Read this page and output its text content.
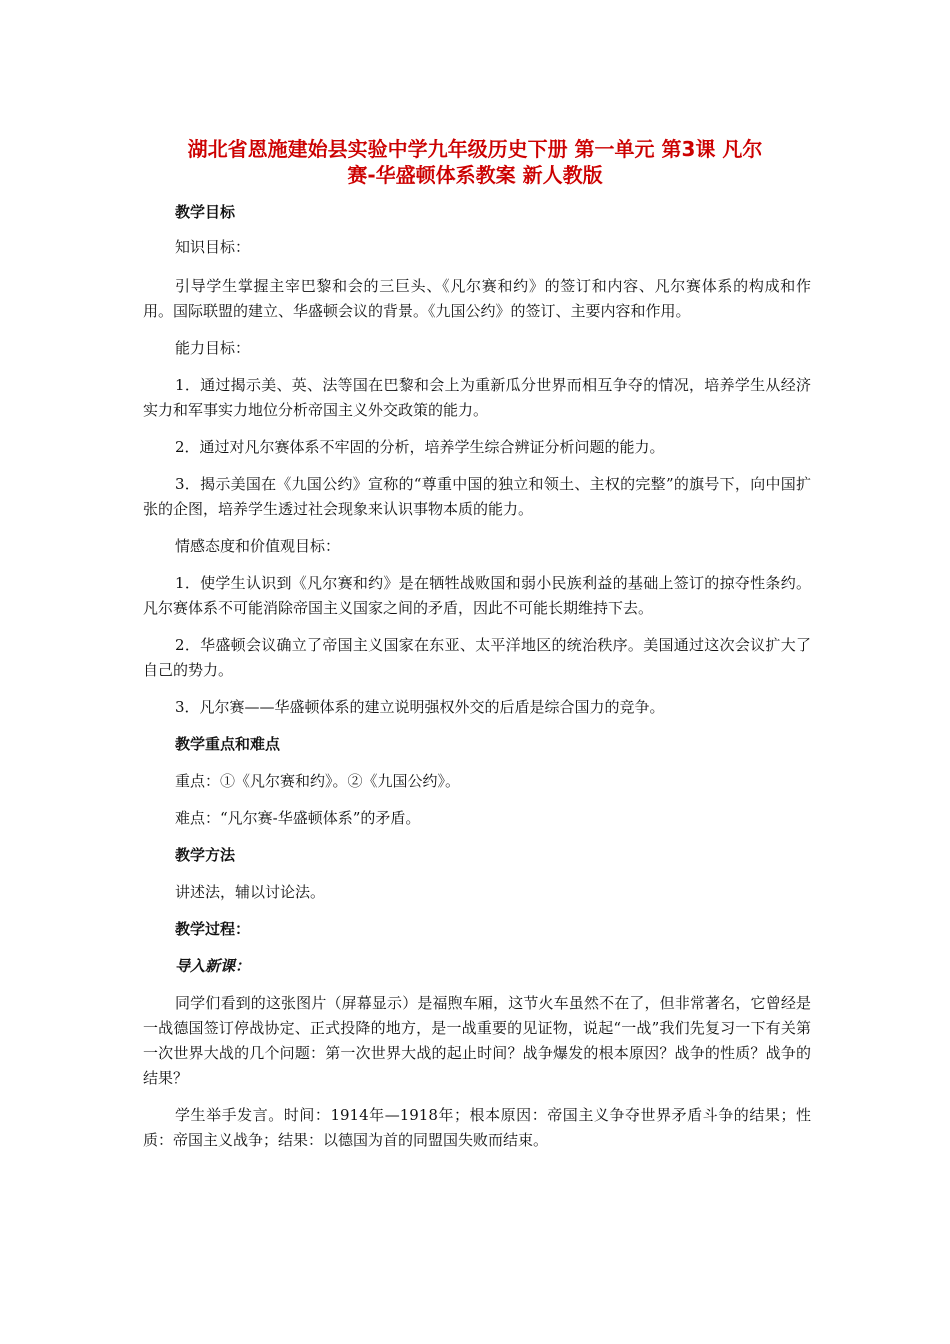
湖北省恩施建始县实验中学九年级历史下册 第一单元 第3课 凡尔
赛-华盛顿体系教案 新人教版

教学目标

知识目标：

引导学生掌握主宰巴黎和会的三巨头、《凡尔赛和约》的签订和内容、凡尔赛体系的构成和作用。国际联盟的建立、华盛顿会议的背景。《九国公约》的签订、主要内容和作用。

能力目标：

1．通过揭示美、英、法等国在巴黎和会上为重新瓜分世界而相互争夺的情况，培养学生从经济实力和军事实力地位分析帝国主义外交政策的能力。

2．通过对凡尔赛体系不牢固的分析，培养学生综合辨证分析问题的能力。

3．揭示美国在《九国公约》宣称的“尊重中国的独立和领土、主权的完整”的旗号下，向中国扩张的企图，培养学生透过社会现象来认识事物本质的能力。

情感态度和价值观目标：

1．使学生认识到《凡尔赛和约》是在牺牲战败国和弱小民族利益的基础上签订的掠夺性条约。凡尔赛体系不可能消除帝国主义国家之间的矛盾，因此不可能长期维持下去。

2．华盛顿会议确立了帝国主义国家在东亚、太平洋地区的统治秩序。美国通过这次会议扩大了自己的势力。

3．凡尔赛——华盛顿体系的建立说明强权外交的后盾是综合国力的竞争。

教学重点和难点

重点：①《凡尔赛和约》。②《九国公约》。

难点：“凡尔赛-华盛顿体系”的矛盾。

教学方法

讲述法，辅以讨论法。

教学过程：

导入新课：

同学们看到的这张图片（屏幕显示）是福煦车厢，这节火车虽然不在了，但非常著名，它曾经是一战德国签订停战协定、正式投降的地方，是一战重要的见证物，说起“一战”我们先复习一下有关第一次世界大战的几个问题：第一次世界大战的起止时间？战争爆发的根本原因？战争的性质？战争的结果？

学生举手发言。时间：1914年—1918年；根本原因：帝国主义争夺世界矛盾斗争的结果；性质：帝国主义战争；结果：以德国为首的同盟国失败而结束。
